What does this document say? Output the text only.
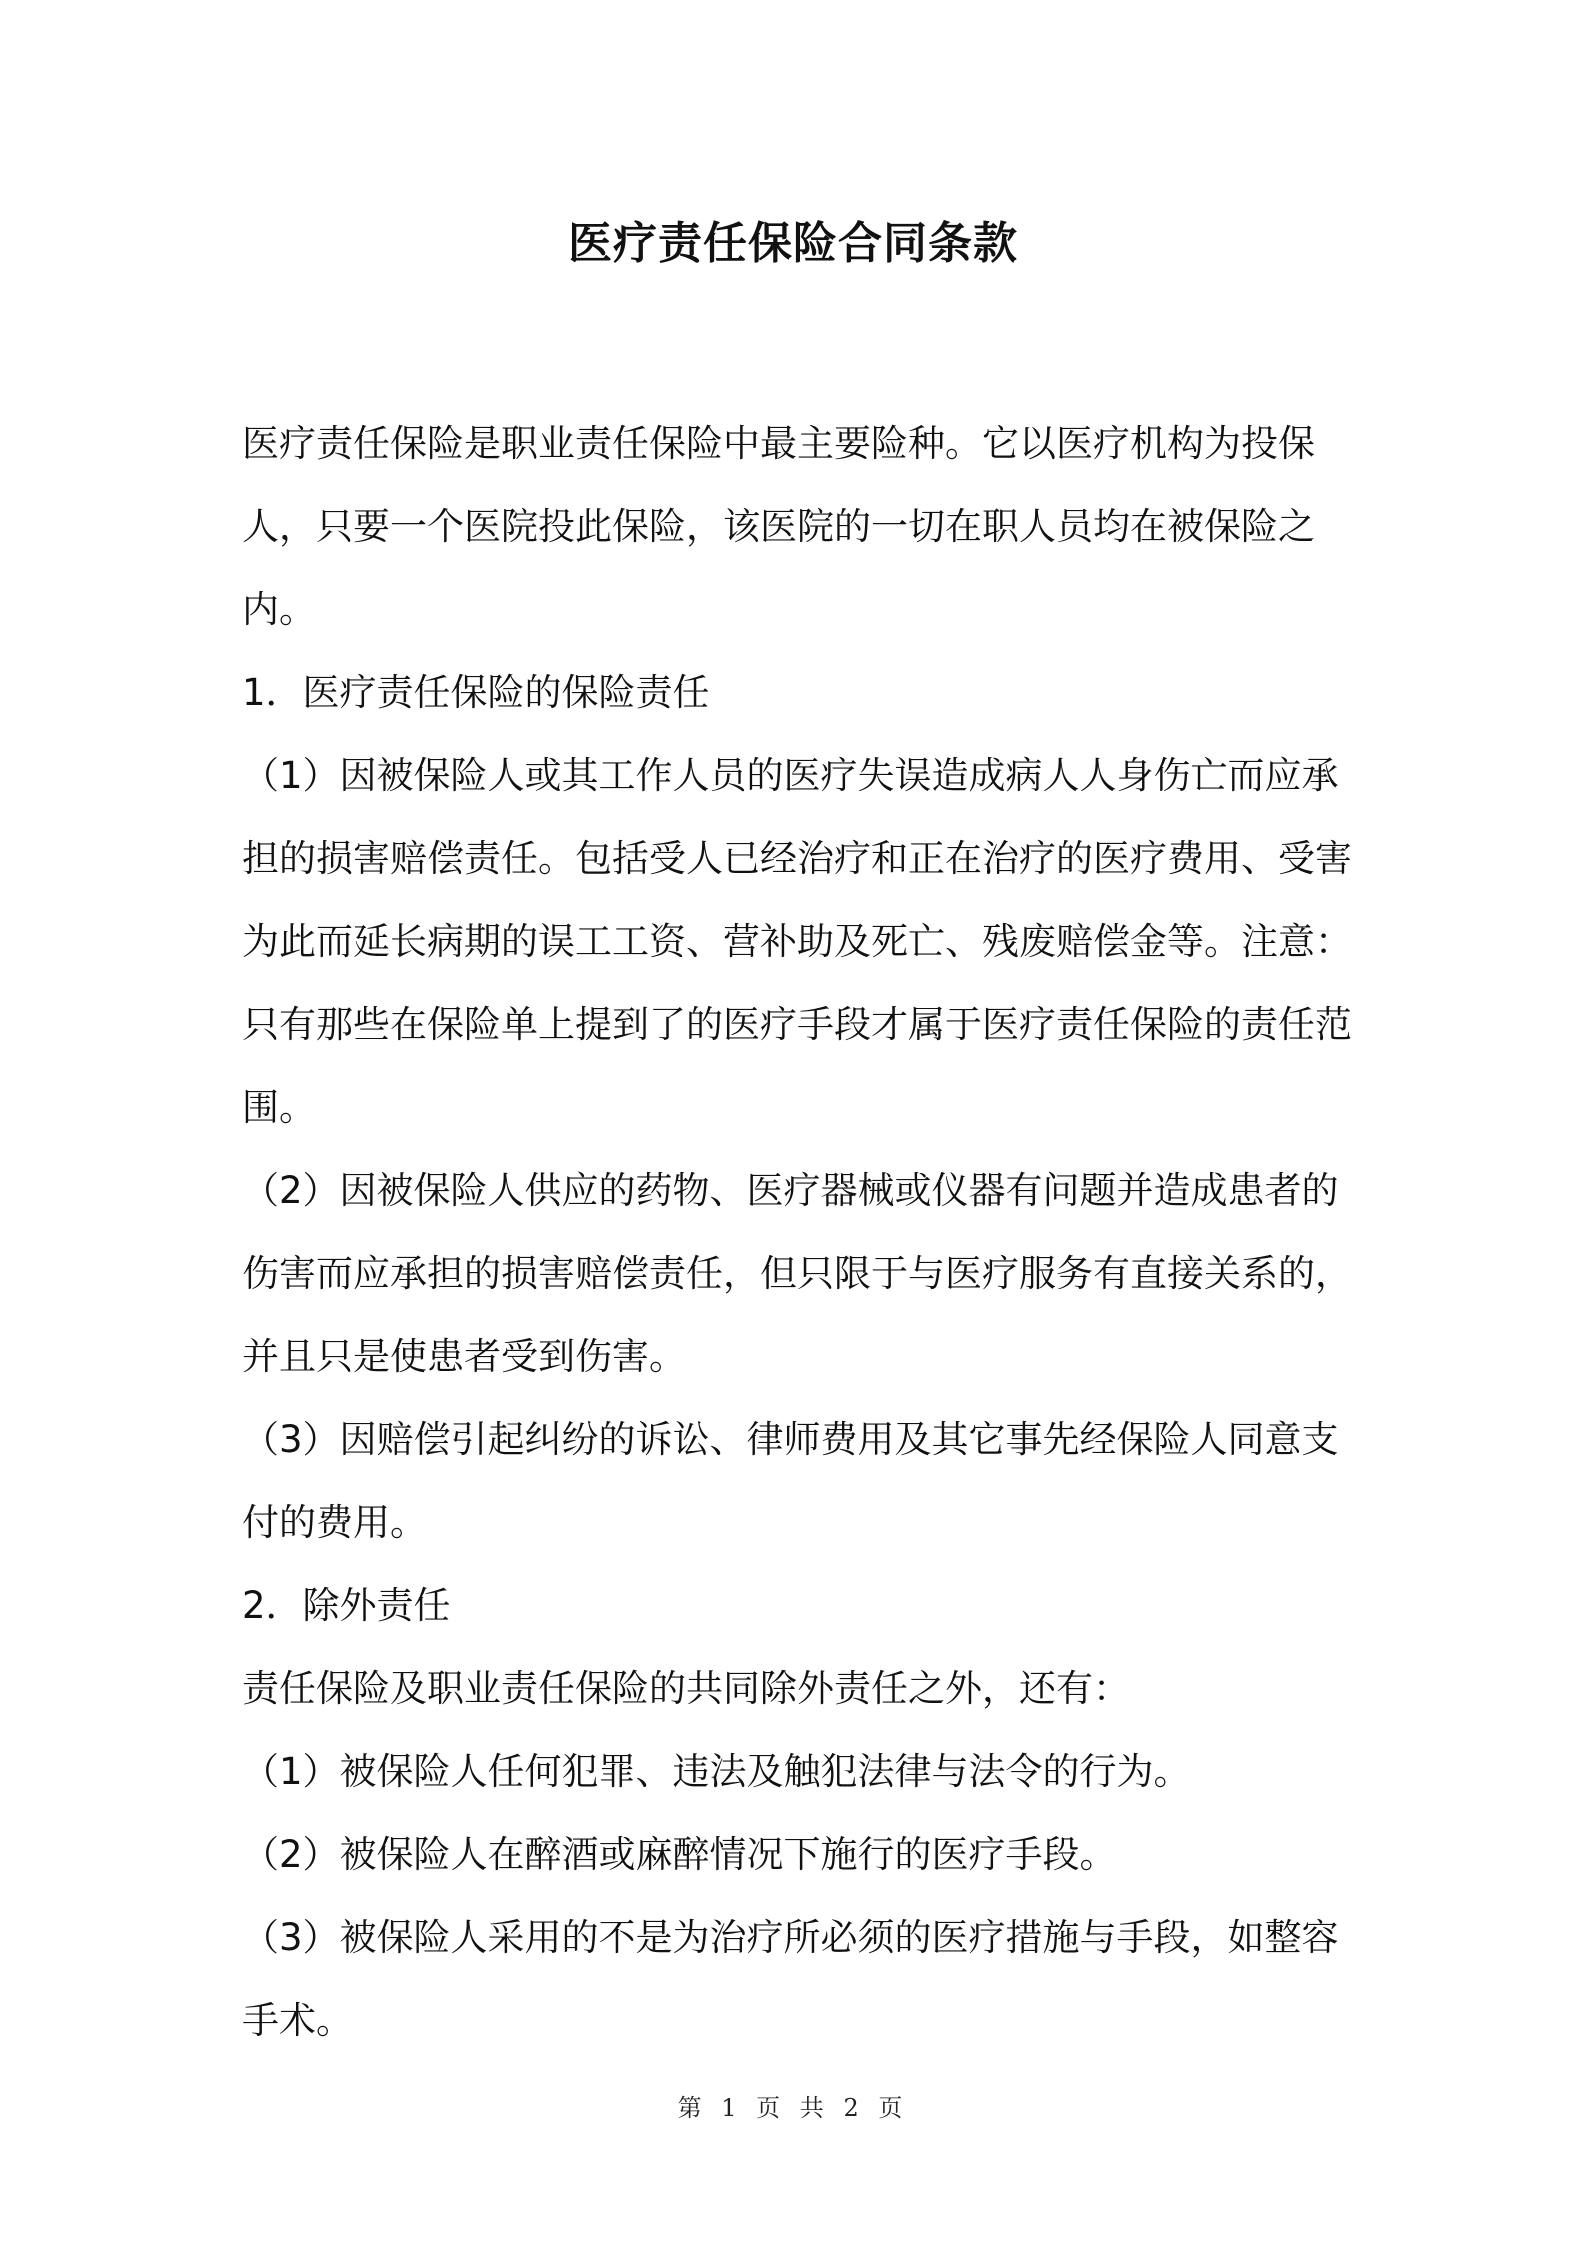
医疗责任保险合同条款

医疗责任保险是职业责任保险中最主要险种。它以医疗机构为投保人，只要一个医院投此保险，该医院的一切在职人员均在被保险之内。

1．医疗责任保险的保险责任

（1）因被保险人或其工作人员的医疗失误造成病人人身伤亡而应承担的损害赔偿责任。包括受人已经治疗和正在治疗的医疗费用、受害为此而延长病期的误工工资、营补助及死亡、残废赔偿金等。注意：只有那些在保险单上提到了的医疗手段才属于医疗责任保险的责任范围。

（2）因被保险人供应的药物、医疗器械或仪器有问题并造成患者的伤害而应承担的损害赔偿责任，但只限于与医疗服务有直接关系的，并且只是使患者受到伤害。

（3）因赔偿引起纠纷的诉讼、律师费用及其它事先经保险人同意支付的费用。

2．除外责任

责任保险及职业责任保险的共同除外责任之外，还有：

（1）被保险人任何犯罪、违法及触犯法律与法令的行为。

（2）被保险人在醉酒或麻醉情况下施行的医疗手段。

（3）被保险人采用的不是为治疗所必须的医疗措施与手段，如整容手术。

第 1 页 共 2 页
